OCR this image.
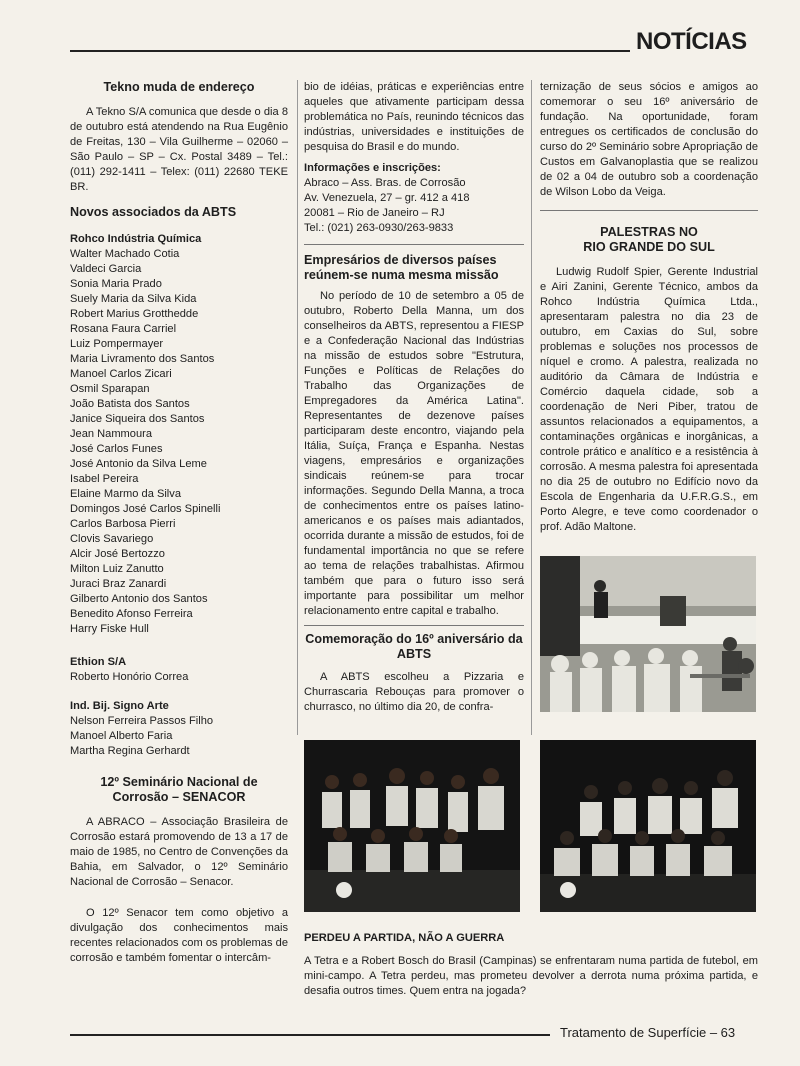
NOTÍCIAS
Tekno muda de endereço

A Tekno S/A comunica que desde o dia 8 de outubro está atendendo na Rua Eugênio de Freitas, 130 – Vila Guilherme – 02060 – São Paulo – SP – Cx. Postal 3489 – Tel.: (011) 292-1411 – Telex: (011) 22680 TEKE BR.

Novos associados da ABTS
Rohco Indústria Química
Walter Machado Cotia
Valdeci Garcia
Sonia Maria Prado
Suely Maria da Silva Kida
Robert Marius Grotthedde
Rosana Faura Carriel
Luiz Pompermayer
Maria Livramento dos Santos
Manoel Carlos Zicari
Osmil Sparapan
João Batista dos Santos
Janice Siqueira dos Santos
Jean Nammoura
José Carlos Funes
José Antonio da Silva Leme
Isabel Pereira
Elaine Marmo da Silva
Domingos José Carlos Spinelli
Carlos Barbosa Pierri
Clovis Savariego
Alcir José Bertozzo
Milton Luiz Zanutto
Juraci Braz Zanardi
Gilberto Antonio dos Santos
Benedito Afonso Ferreira
Harry Fiske Hull
Ethion S/A
Roberto Honório Correa
Ind. Bij. Signo Arte
Nelson Ferreira Passos Filho
Manoel Alberto Faria
Martha Regina Gerhardt
12º Seminário Nacional de
Corrosão – SENACOR

A ABRACO – Associação Brasileira de Corrosão estará promovendo de 13 a 17 de maio de 1985, no Centro de Convenções da Bahia, em Salvador, o 12º Seminário Nacional de Corrosão – Senacor.

O 12º Senacor tem como objetivo a divulgação dos conhecimentos mais recentes relacionados com os problemas de corrosão e também fomentar o intercâm-

bio de idéias, práticas e experiências entre aqueles que ativamente participam dessa problemática no País, reunindo técnicos das indústrias, universidades e instituições de pesquisa do Brasil e do mundo.

Informações e inscrições:
Abraco – Ass. Bras. de Corrosão
Av. Venezuela, 27 – gr. 412 a 418
20081 – Rio de Janeiro – RJ
Tel.: (021) 263-0930/263-9833
Empresários de diversos países reúnem-se numa mesma missão

No período de 10 de setembro a 05 de outubro, Roberto Della Manna, um dos conselheiros da ABTS, representou a FIESP e a Confederação Nacional das Indústrias na missão de estudos sobre "Estrutura, Funções e Políticas de Relações do Trabalho das Organizações de Empregadores da América Latina". Representantes de dezenove países participaram deste encontro, viajando pela Itália, Suíça, França e Espanha. Nestas viagens, empresários e organizações sindicais reúnem-se para trocar informações. Segundo Della Manna, a troca de conhecimentos entre os países latino-americanos e os países mais adiantados, ocorrida durante a missão de estudos, foi de fundamental importância no que se refere ao tema de relações trabalhistas. Afirmou também que para o futuro isso será importante para possibilitar um melhor relacionamento entre capital e trabalho.

Comemoração do 16º aniversário da ABTS

A ABTS escolheu a Pizzaria e Churrascaria Rebouças para promover o churrasco, no último dia 20, de confra-

ternização de seus sócios e amigos ao comemorar o seu 16º aniversário de fundação. Na oportunidade, foram entregues os certificados de conclusão do curso do 2º Seminário sobre Apropriação de Custos em Galvanoplastia que se realizou de 02 a 04 de outubro sob a coordenação de Wilson Lobo da Veiga.

PALESTRAS NO
RIO GRANDE DO SUL

Ludwig Rudolf Spier, Gerente Industrial e Airi Zanini, Gerente Técnico, ambos da Rohco Indústria Química Ltda., apresentaram palestra no dia 23 de outubro, em Caxias do Sul, sobre problemas e soluções nos processos de níquel e cromo. A palestra, realizada no auditório da Câmara de Indústria e Comércio daquela cidade, sob a coordenação de Neri Piber, tratou de assuntos relacionados a equipamentos, a contaminações orgânicas e inorgânicas, a controle prático e analítico e a resistência à corrosão. A mesma palestra foi apresentada no dia 25 de outubro no Edifício novo da Escola de Engenharia da U.F.R.G.S., em Porto Alegre, e teve como coordenador o prof. Adão Maltone.

PERDEU A PARTIDA, NÃO A GUERRA
A Tetra e a Robert Bosch do Brasil (Campinas) se enfrentaram numa partida de futebol, em mini-campo. A Tetra perdeu, mas prometeu devolver a derrota numa próxima partida, e desafia outros times. Quem entra na jogada?
Tratamento de Superfície – 63
